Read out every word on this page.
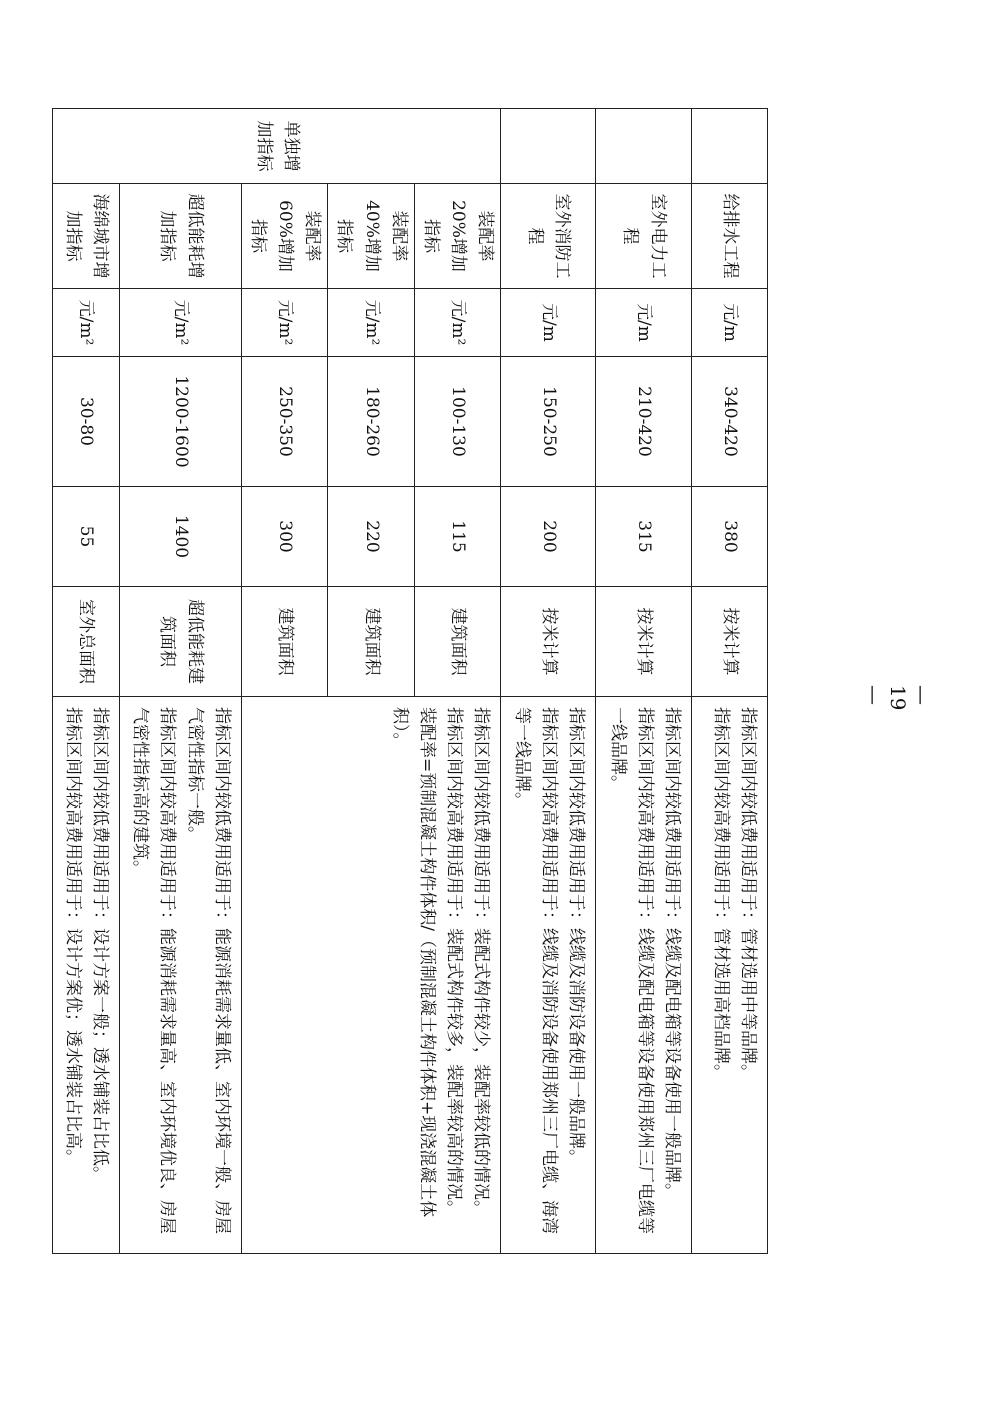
	给排水工程	元/m	340-420	380	按米计算	指标区间内较低费用适用于：管材选用中等品牌。
指标区间内较高费用适用于：管材选用高档品牌。

	室外电力工程	元/m	210-420	315	按米计算	指标区间内较低费用适用于：线缆及配电箱等设备使用一般品牌。
指标区间内较高费用适用于：线缆及配电箱等设备使用郑州三厂电缆等一线品牌。

	室外消防工程	元/m	150-250	200	按米计算	指标区间内较低费用适用于：线缆及消防设备使用一般品牌。
指标区间内较高费用适用于：线缆及消防设备使用郑州三厂电缆、海湾等一线品牌。

单独增加指标	装配率 20%增加指标	元/m²	100-130	115	建筑面积	指标区间内较低费用适用于：装配式构件较少，装配率较低的情况。
指标区间内较高费用适用于：装配式构件较多，装配率较高的情况。
装配率=预制混凝土构件体积/（预制混凝土构件体积+现浇混凝土体积）。

	装配率 40%增加指标	元/m²	180-260	220	建筑面积	
	装配率 60%增加指标	元/m²	250-350	300	建筑面积	
	超低能耗增加指标	元/m²	1200-1600	1400	超低能耗建筑面积	指标区间内较低费用适用于：能源消耗需求量低、室内环境一般、房屋气密性指标一般。
指标区间内较高费用适用于：能源消耗需求量高、室内环境优良、房屋气密性指标高的建筑。

	海绵城市增加指标	元/m²	30-80	55	室外总面积	指标区间内较低费用适用于：设计方案一般；透水铺装占比低。
指标区间内较高费用适用于：设计方案优；透水铺装占比高。
—19—
